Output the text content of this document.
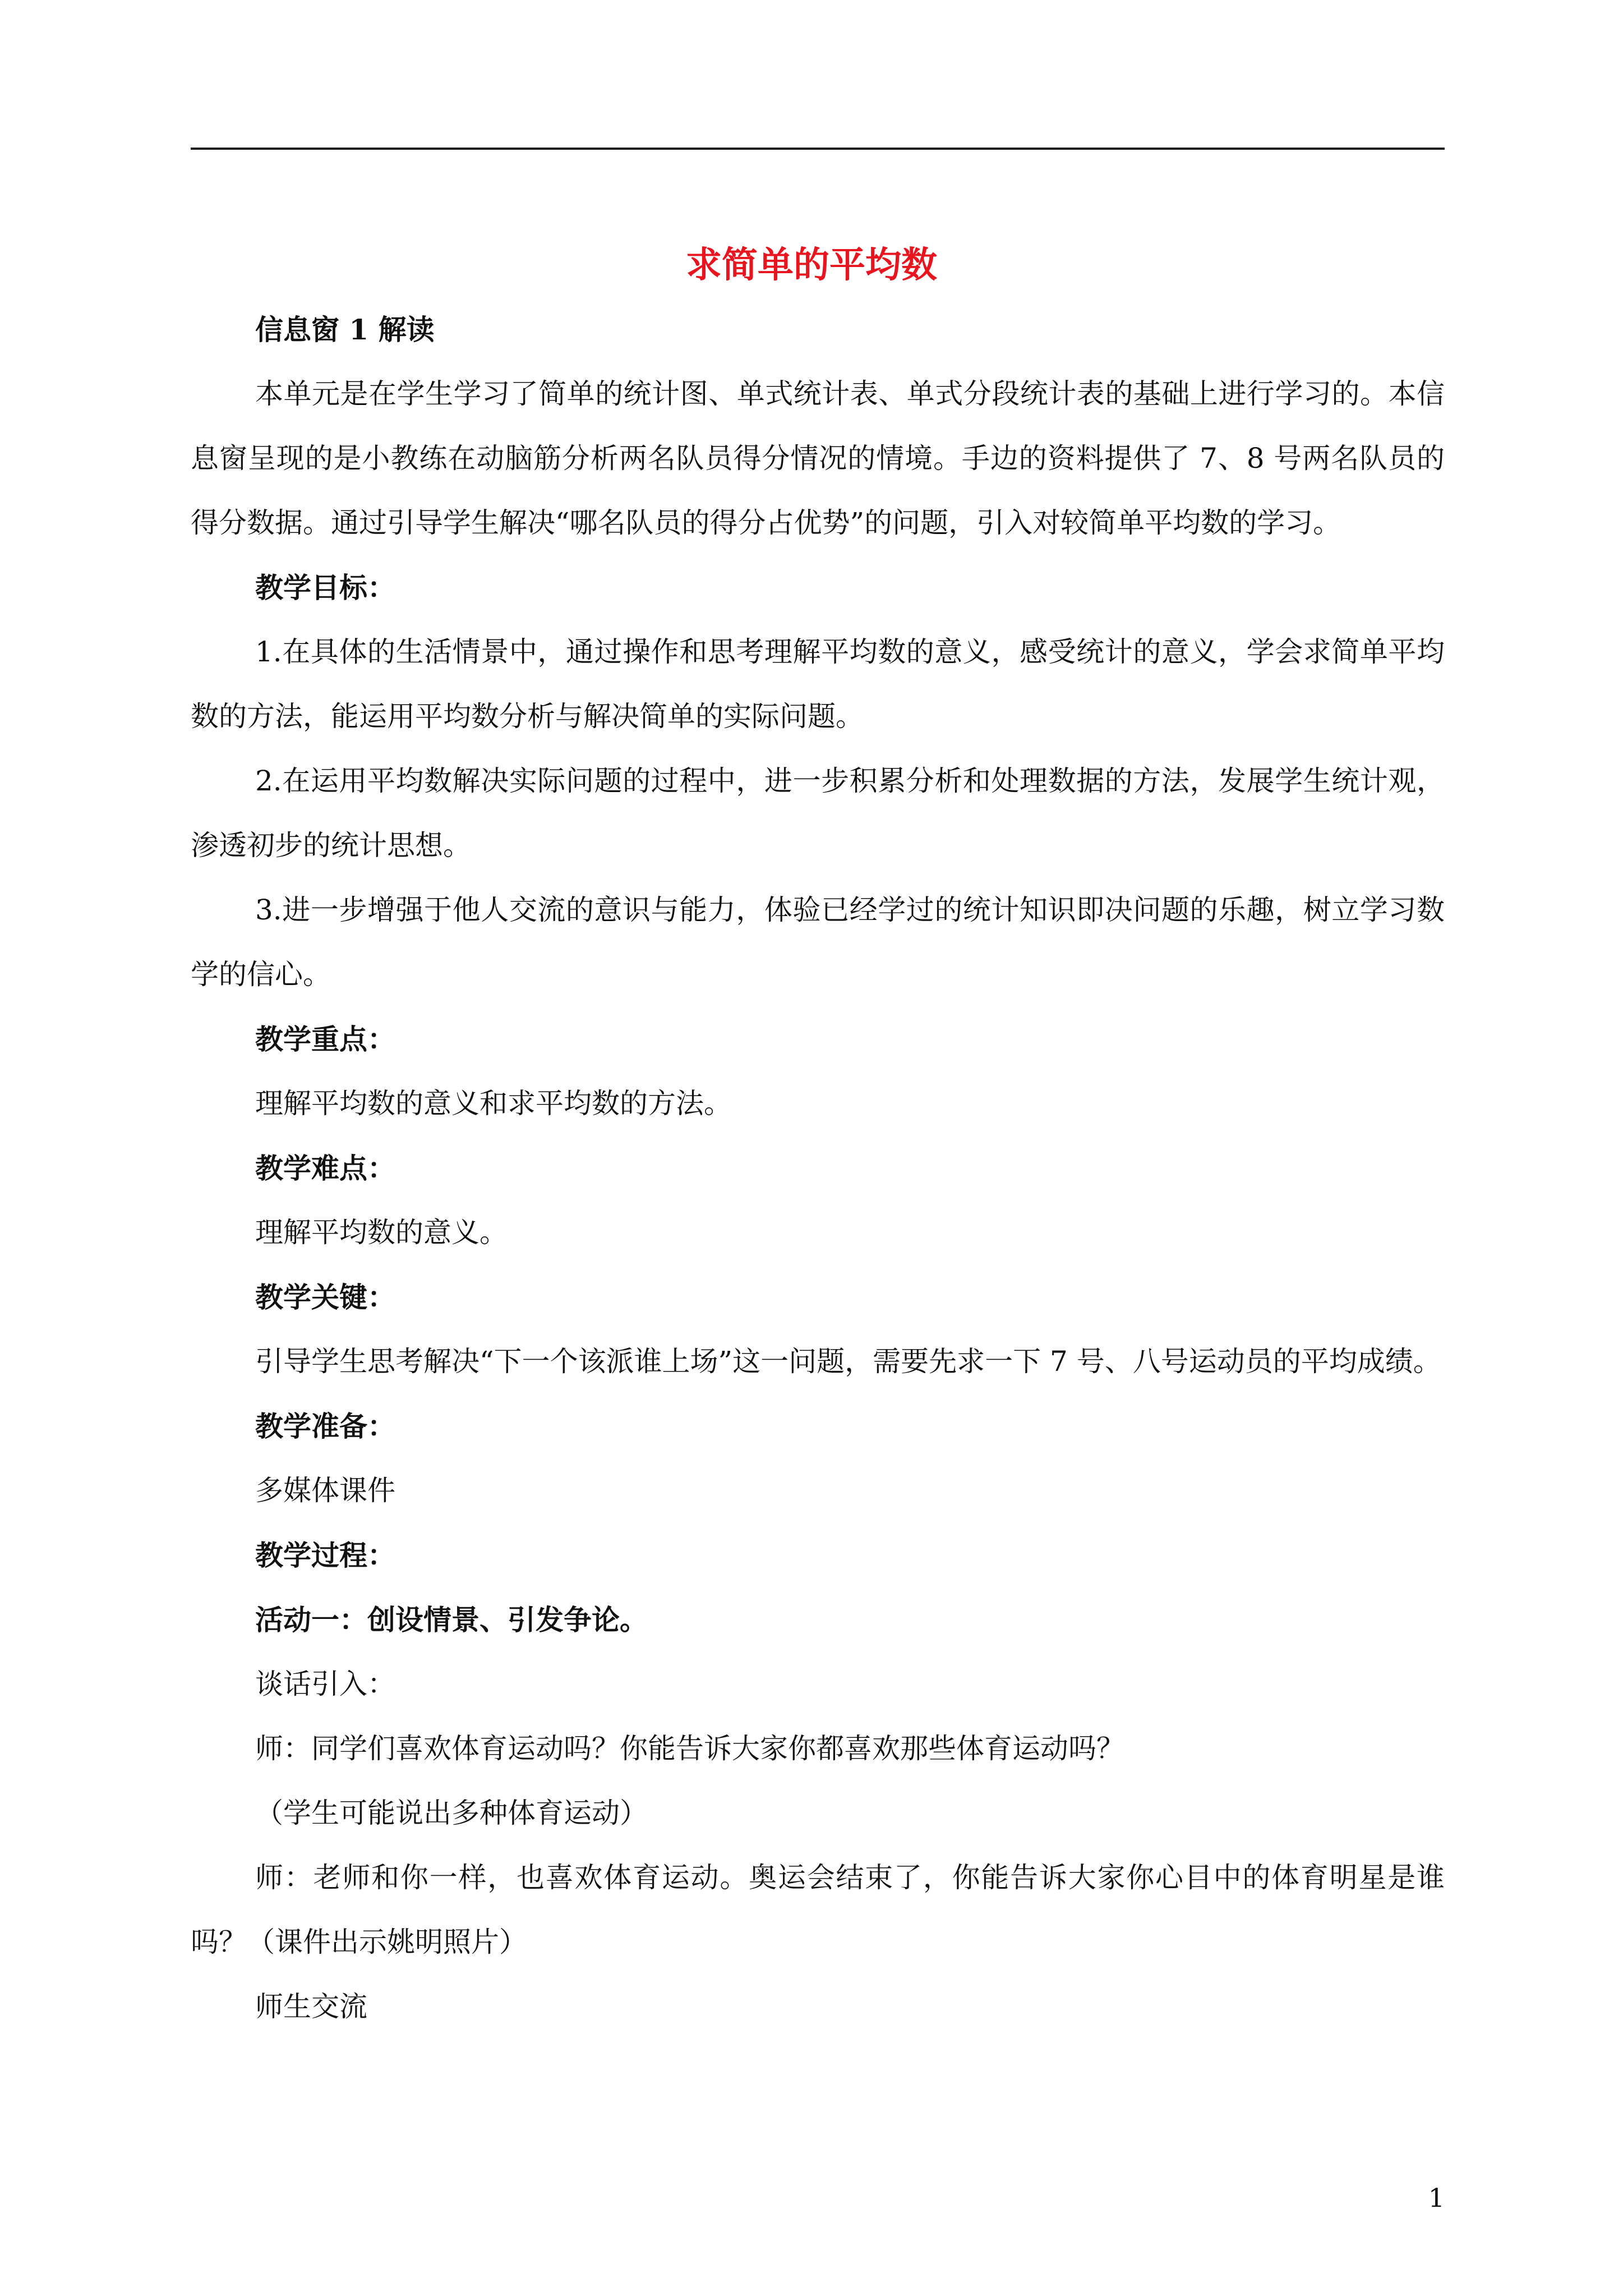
求简单的平均数

信息窗 1 解读

本单元是在学生学习了简单的统计图、单式统计表、单式分段统计表的基础上进行学习的。本信息窗呈现的是小教练在动脑筋分析两名队员得分情况的情境。手边的资料提供了 7、8 号两名队员的得分数据。通过引导学生解决“哪名队员的得分占优势”的问题，引入对较简单平均数的学习。

教学目标：

1.在具体的生活情景中，通过操作和思考理解平均数的意义，感受统计的意义，学会求简单平均数的方法，能运用平均数分析与解决简单的实际问题。

2.在运用平均数解决实际问题的过程中，进一步积累分析和处理数据的方法，发展学生统计观，渗透初步的统计思想。

3.进一步增强于他人交流的意识与能力，体验已经学过的统计知识即决问题的乐趣，树立学习数学的信心。

教学重点：

理解平均数的意义和求平均数的方法。

教学难点：

理解平均数的意义。

教学关键：

引导学生思考解决“下一个该派谁上场”这一问题，需要先求一下 7 号、八号运动员的平均成绩。

教学准备：

多媒体课件

教学过程：

活动一：创设情景、引发争论。

谈话引入：

师：同学们喜欢体育运动吗？你能告诉大家你都喜欢那些体育运动吗？

（学生可能说出多种体育运动）

师：老师和你一样，也喜欢体育运动。奥运会结束了，你能告诉大家你心目中的体育明星是谁吗？（课件出示姚明照片）

师生交流

1
